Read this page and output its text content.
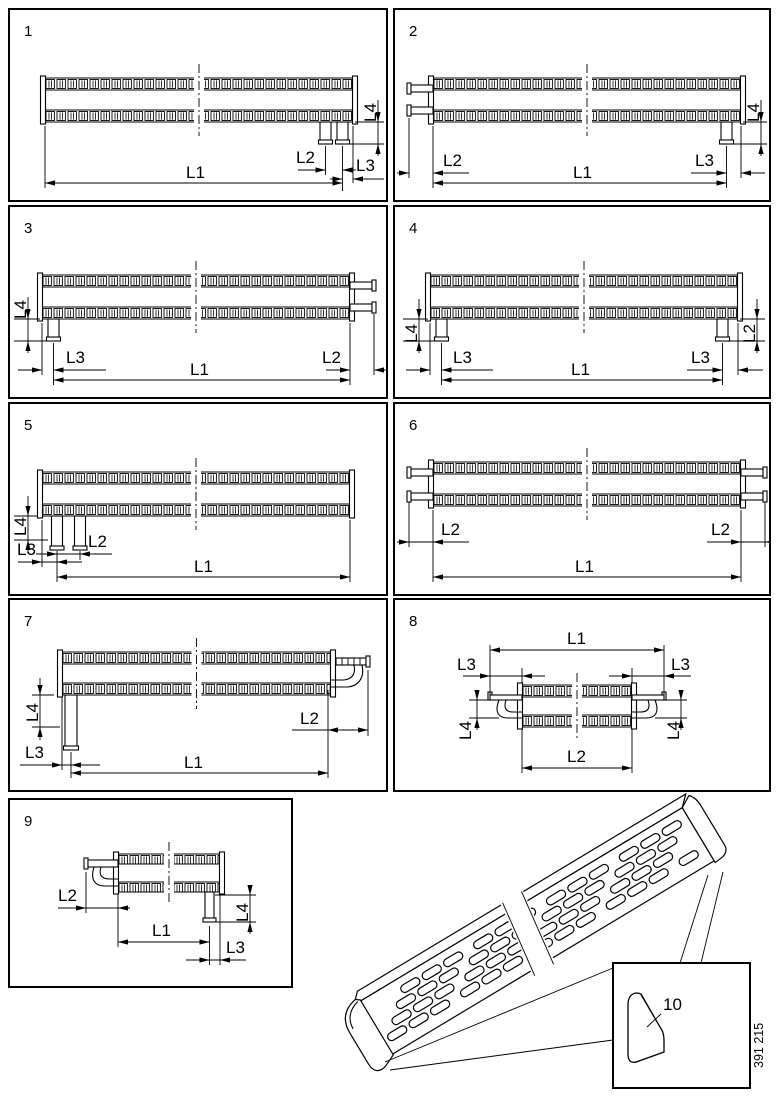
1
L4
L2 L3
L1
2
L4
L2	L3
L1
3
L4
L3	L2
L1
4
L4	L2
L3	L3
L1
5
L4
L2
L3
L1
6
L2	L2
L1
7
L4
L3
L2
L1
8
L1
L3	L3
L4	L4
L2
9
L2
L1
L4
L3
10
391 215
